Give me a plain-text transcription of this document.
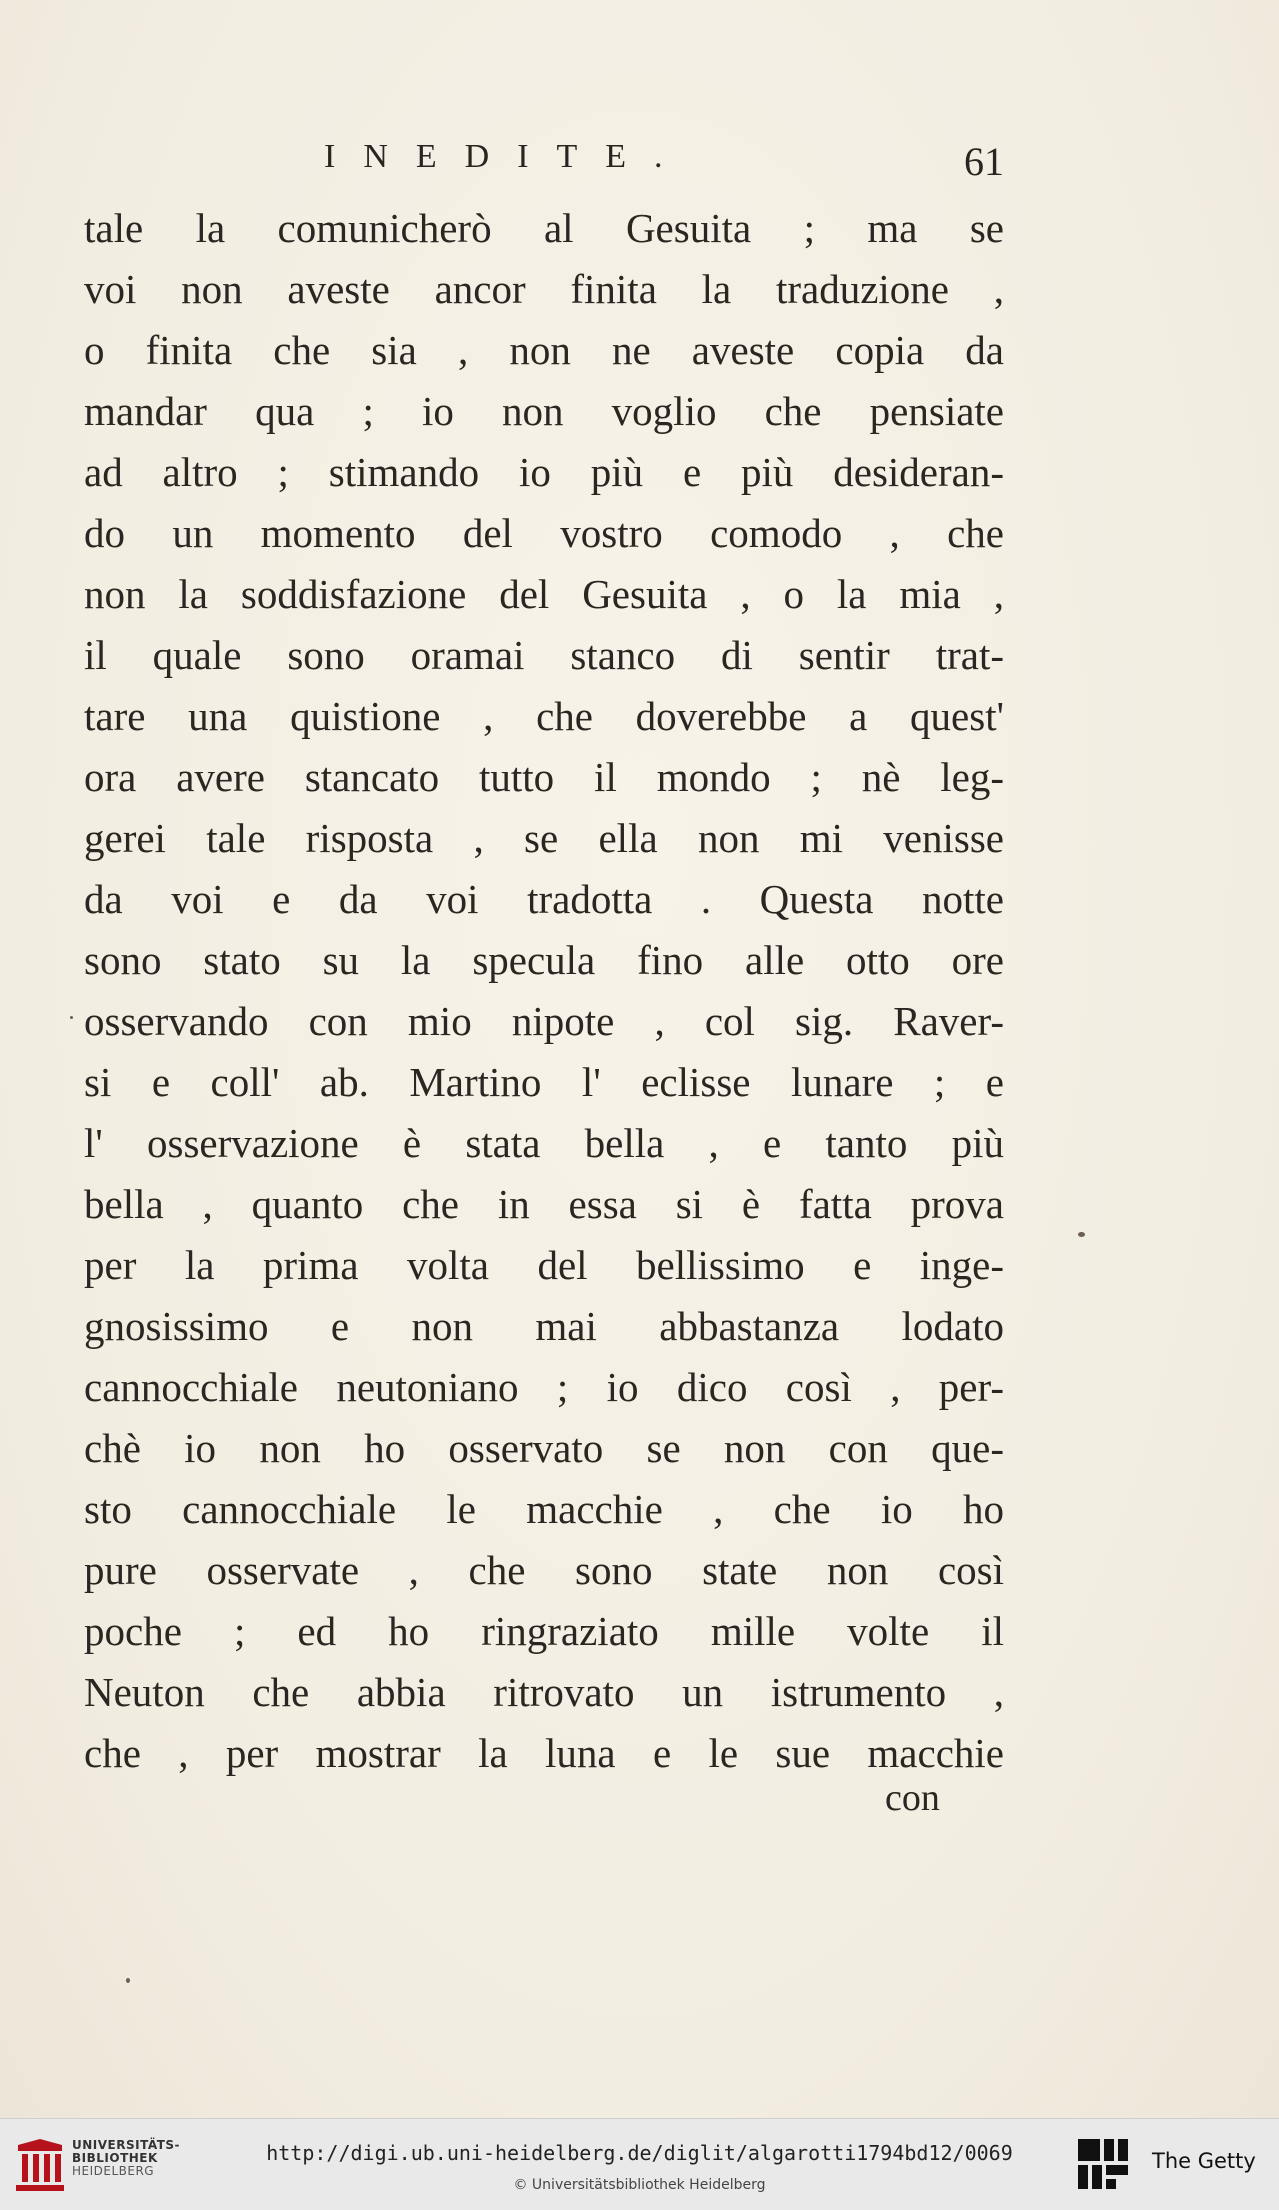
INEDITE.	61
tale la comunicherò al Gesuita ; ma se
voi non aveste ancor finita la traduzione ,
o finita che sia , non ne aveste copia da
mandar qua ; io non voglio che pensiate
ad altro ; stimando io più e più desideran-
do un momento del vostro comodo , che
non la soddisfazione del Gesuita , o la mia ,
il quale sono oramai stanco di sentir trat-
tare una quistione , che doverebbe a quest'
ora avere stancato tutto il mondo ; nè leg-
gerei tale risposta , se ella non mi venisse
da voi e da voi tradotta . Questa notte
sono stato su la specula fino alle otto ore
osservando con mio nipote , col sig. Raver-
si e coll' ab. Martino l' eclisse lunare ; e
l' osservazione è stata bella , e tanto più
bella , quanto che in essa si è fatta prova
per la prima volta del bellissimo e inge-
gnosissimo e non mai abbastanza lodato
cannocchiale neutoniano ; io dico così , per-
chè io non ho osservato se non con que-
sto cannocchiale le macchie , che io ho
pure osservate , che sono state non così
poche ; ed ho ringraziato mille volte il
Neuton che abbia ritrovato un istrumento ,
che , per mostrar la luna e le sue macchie
con
UNIVERSITÄTS-
BIBLIOTHEK
HEIDELBERG
http://digi.ub.uni-heidelberg.de/diglit/algarotti1794bd12/0069
© Universitätsbibliothek Heidelberg
The Getty
